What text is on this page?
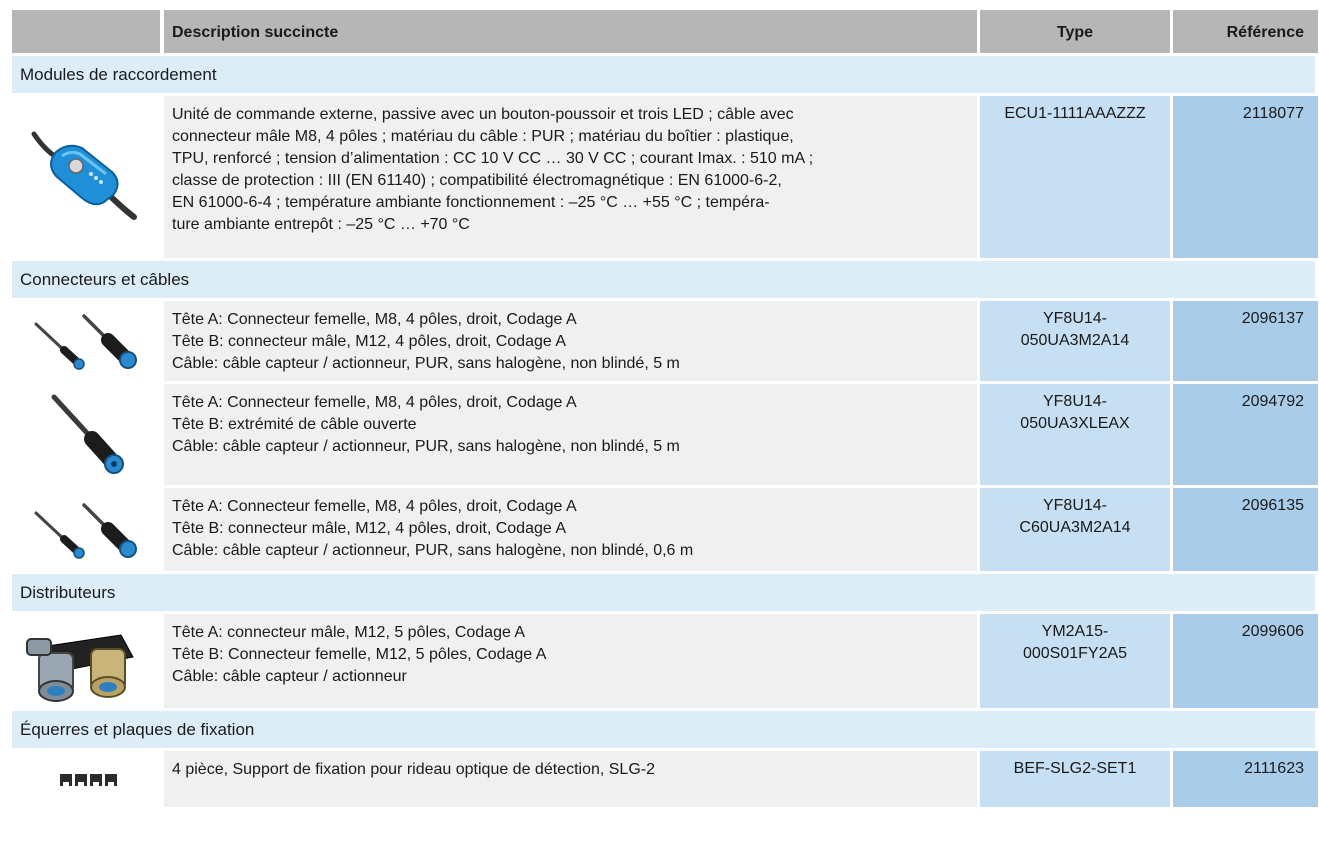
Description succincte	Type	Référence
Modules de raccordement
Unité de commande externe, passive avec un bouton-poussoir et trois LED ; câble avec
connecteur mâle M8, 4 pôles ; matériau du câble : PUR ; matériau du boîtier : plastique,
TPU, renforcé ; tension d’alimentation : CC 10 V CC … 30 V CC ; courant Imax. : 510 mA ;
classe de protection : III (EN 61140) ; compatibilité électromagnétique : EN 61000-6-2,
EN 61000-6-4 ; température ambiante fonctionnement : –25 °C … +55 °C ; tempéra-
ture ambiante entrepôt : –25 °C … +70 °C
ECU1-1111AAAZZZ	2118077
Connecteurs et câbles
Tête A: Connecteur femelle, M8, 4 pôles, droit, Codage A
Tête B: connecteur mâle, M12, 4 pôles, droit, Codage A
Câble: câble capteur / actionneur, PUR, sans halogène, non blindé, 5 m
YF8U14-
050UA3M2A14
2096137
Tête A: Connecteur femelle, M8, 4 pôles, droit, Codage A
Tête B: extrémité de câble ouverte
Câble: câble capteur / actionneur, PUR, sans halogène, non blindé, 5 m
YF8U14-
050UA3XLEAX
2094792
Tête A: Connecteur femelle, M8, 4 pôles, droit, Codage A
Tête B: connecteur mâle, M12, 4 pôles, droit, Codage A
Câble: câble capteur / actionneur, PUR, sans halogène, non blindé, 0,6 m
YF8U14-
C60UA3M2A14
2096135
Distributeurs
Tête A: connecteur mâle, M12, 5 pôles, Codage A
Tête B: Connecteur femelle, M12, 5 pôles, Codage A
Câble: câble capteur / actionneur
YM2A15-
000S01FY2A5
2099606
Équerres et plaques de fixation
4 pièce, Support de fixation pour rideau optique de détection, SLG-2	BEF-SLG2-SET1	2111623
